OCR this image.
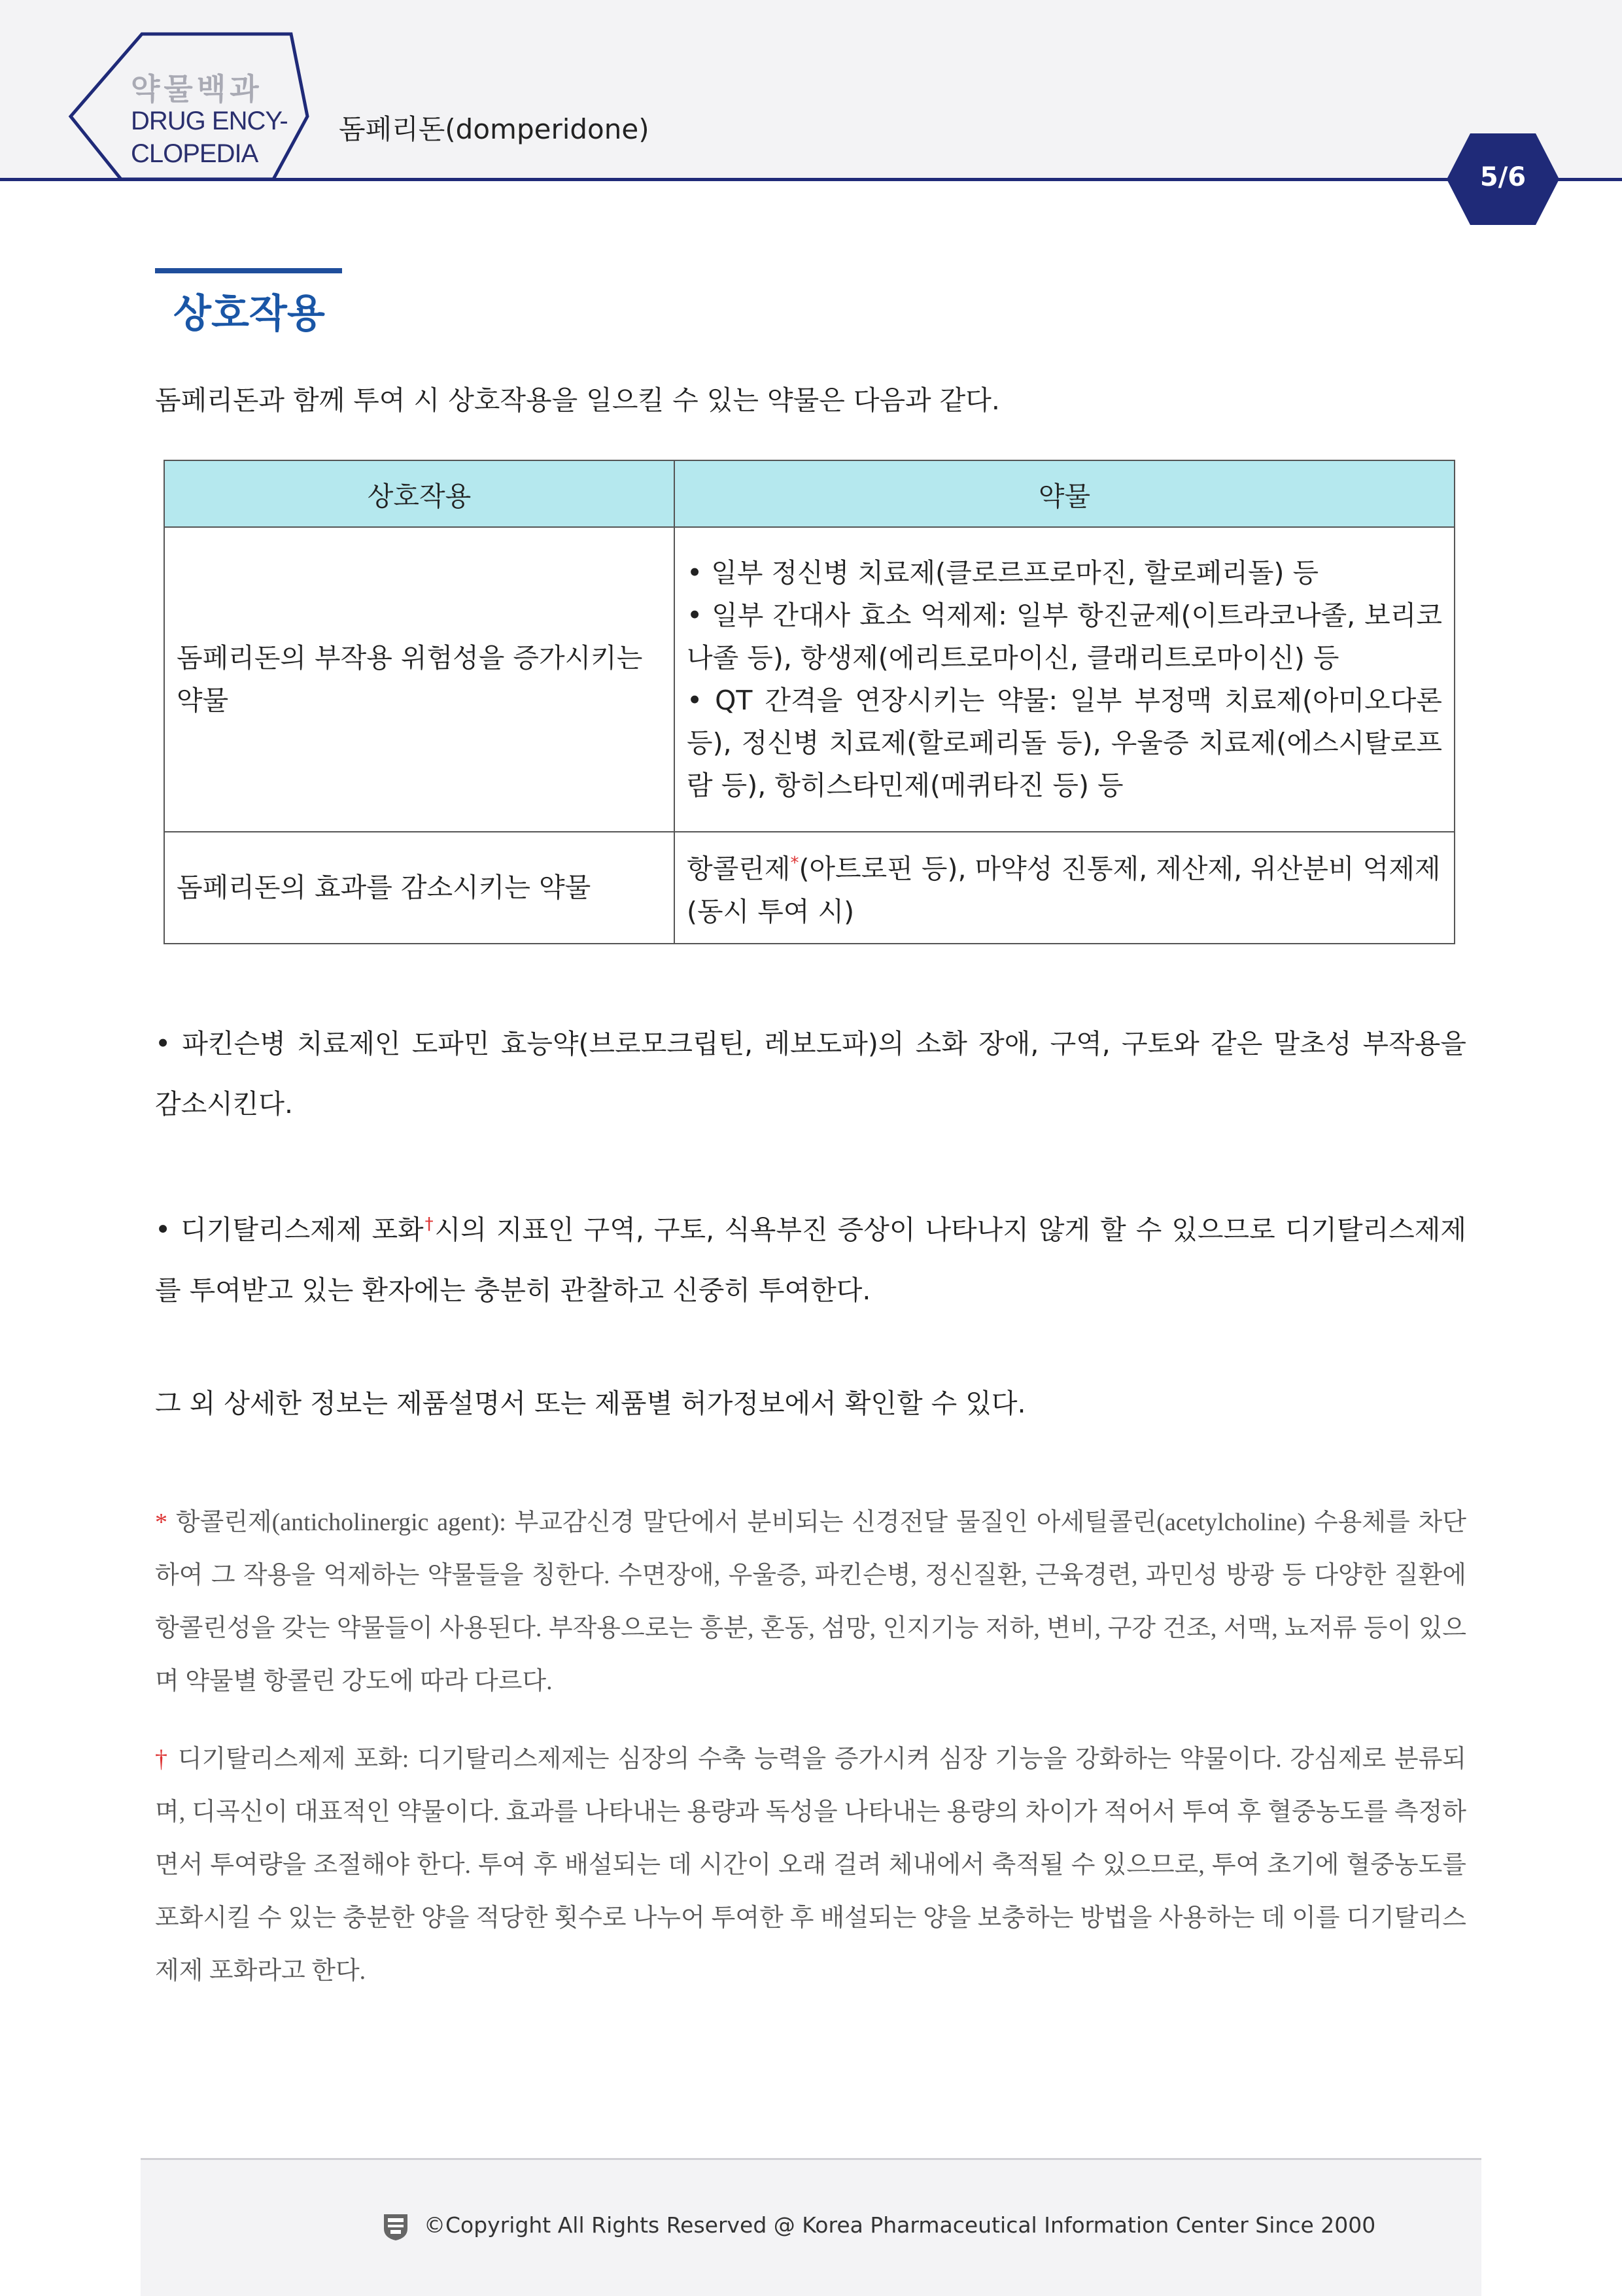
약물백과
DRUG ENCY-
CLOPEDIA
돔페리돈(domperidone)
5/6
상호작용
돔페리돈과 함께 투여 시 상호작용을 일으킬 수 있는 약물은 다음과 같다.
상호작용	약물
돔페리돈의 부작용 위험성을 증가시키는 약물	• 일부 정신병 치료제(클로르프로마진, 할로페리돌) 등
• 일부 간대사 효소 억제제: 일부 항진균제(이트라코나졸, 보리코나졸 등), 항생제(에리트로마이신, 클래리트로마이신) 등
• QT 간격을 연장시키는 약물: 일부 부정맥 치료제(아미오다론 등), 정신병 치료제(할로페리돌 등), 우울증 치료제(에스시탈로프람 등), 항히스타민제(메퀴타진 등) 등

돔페리돈의 효과를 감소시키는 약물	항콜린제*(아트로핀 등), 마약성 진통제, 제산제, 위산분비 억제제(동시 투여 시)
• 파킨슨병 치료제인 도파민 효능약(브로모크립틴, 레보도파)의 소화 장애, 구역, 구토와 같은 말초성 부작용을 감소시킨다.
• 디기탈리스제제 포화†시의 지표인 구역, 구토, 식욕부진 증상이 나타나지 않게 할 수 있으므로 디기탈리스제제를 투여받고 있는 환자에는 충분히 관찰하고 신중히 투여한다.
그 외 상세한 정보는 제품설명서 또는 제품별 허가정보에서 확인할 수 있다.
* 항콜린제(anticholinergic agent): 부교감신경 말단에서 분비되는 신경전달 물질인 아세틸콜린(acetylcholine) 수용체를 차단하여 그 작용을 억제하는 약물들을 칭한다. 수면장애, 우울증, 파킨슨병, 정신질환, 근육경련, 과민성 방광 등 다양한 질환에 항콜린성을 갖는 약물들이 사용된다. 부작용으로는 흥분, 혼동, 섬망, 인지기능 저하, 변비, 구강 건조, 서맥, 뇨저류 등이 있으며 약물별 항콜린 강도에 따라 다르다.
† 디기탈리스제제 포화: 디기탈리스제제는 심장의 수축 능력을 증가시켜 심장 기능을 강화하는 약물이다. 강심제로 분류되며, 디곡신이 대표적인 약물이다. 효과를 나타내는 용량과 독성을 나타내는 용량의 차이가 적어서 투여 후 혈중농도를 측정하면서 투여량을 조절해야 한다. 투여 후 배설되는 데 시간이 오래 걸려 체내에서 축적될 수 있으므로, 투여 초기에 혈중농도를 포화시킬 수 있는 충분한 양을 적당한 횟수로 나누어 투여한 후 배설되는 양을 보충하는 방법을 사용하는 데 이를 디기탈리스제제 포화라고 한다.
©Copyright All Rights Reserved @ Korea Pharmaceutical Information Center Since 2000
